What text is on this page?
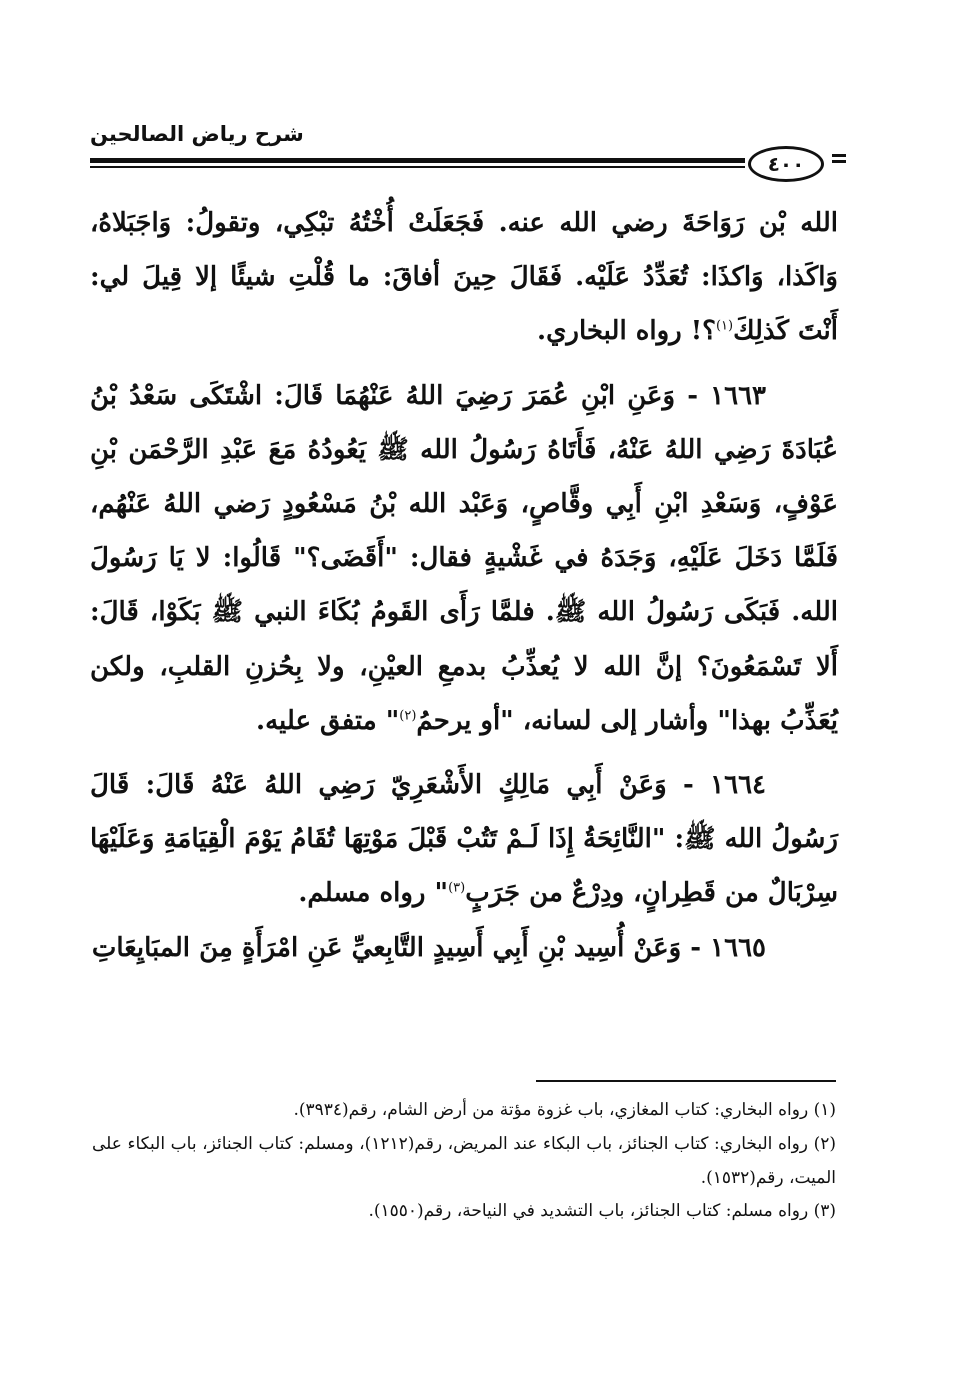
شرح رياض الصالحين
٤٠٠

الله بْن رَوَاحَةَ رضي الله عنه. فَجَعَلَتْ أُخْتُهُ تبْكِي، وتقولُ: وَاجَبَلاهُ، وَاكَذا، وَاكذَا: تُعَدِّدُ عَلَيْه. فَقَالَ حِينَ أفاقَ: ما قُلْتِ شيئًا إلا قِيلَ لي: أَنْتَ كَذلِكَ$^{(١)}$؟! رواه البخاري.

١٦٦٣ - وَعَنِ ابْنِ عُمَرَ رَضِيَ اللهُ عَنْهُمَا قَالَ: اشْتَكَى سَعْدُ بْنُ عُبَادَةَ رَضِي اللهُ عَنْهُ، فَأَتَاهُ رَسُولُ الله ﷺ يَعُودُهُ مَعَ عَبْدِ الرَّحْمَن بْنِ عَوْفٍ، وَسَعْدِ ابْنِ أَبِي وقَّاصٍ، وَعَبْد الله بْنُ مَسْعُودٍ رَضي اللهُ عَنْهُم، فَلَمَّا دَخَلَ عَلَيْهِ، وَجَدَهُ في غَشْيةٍ فقال: "أَقَضَى؟" قَالُوا: لا يَا رَسُولَ الله. فَبَكَى رَسُولُ الله ﷺ. فلمَّا رَأَى القَومُ بُكَاءَ النبي ﷺ بَكَوْا، قَالَ: أَلا تَسْمَعُونَ؟ إنَّ الله لا يُعذِّبُ بدمعِ العيْنِ، ولا بِحُزنِ القلبِ، ولكن يُعَذِّبُ بهذا" وأشار إلى لسانه، "أو يرحمُ$^{(٢)}$" متفق عليه.

١٦٦٤ - وَعَنْ أَبِي مَالِكٍ الأَشْعَرِيّ رَضِي اللهُ عَنْهُ قَالَ: قَالَ رَسُولُ الله ﷺ: "النَّائِحَةُ إِذَا لَـمْ تَتُبْ قَبْلَ مَوْتِهَا تُقَامُ يَوْمَ الْقِيَامَةِ وَعَلَيْهَا سِرْبَالٌ من قَطِرانٍ، ودِرْعٌ من جَرَبٍ$^{(٣)}$" رواه مسلم.

١٦٦٥ - وَعَنْ أُسِيد بْنِ أَبِي أَسِيدٍ التَّابِعيِّ عَنِ امْرَأَةٍ مِنَ المبَايِعَاتِ

(١) رواه البخاري: كتاب المغازي، باب غزوة مؤتة من أرض الشام، رقم(٣٩٣٤).

(٢) رواه البخاري: كتاب الجنائز، باب البكاء عند المريض، رقم(١٢١٢)، ومسلم: كتاب الجنائز، باب البكاء على الميت، رقم(١٥٣٢).

(٣) رواه مسلم: كتاب الجنائز، باب التشديد في النياحة، رقم(١٥٥٠).
